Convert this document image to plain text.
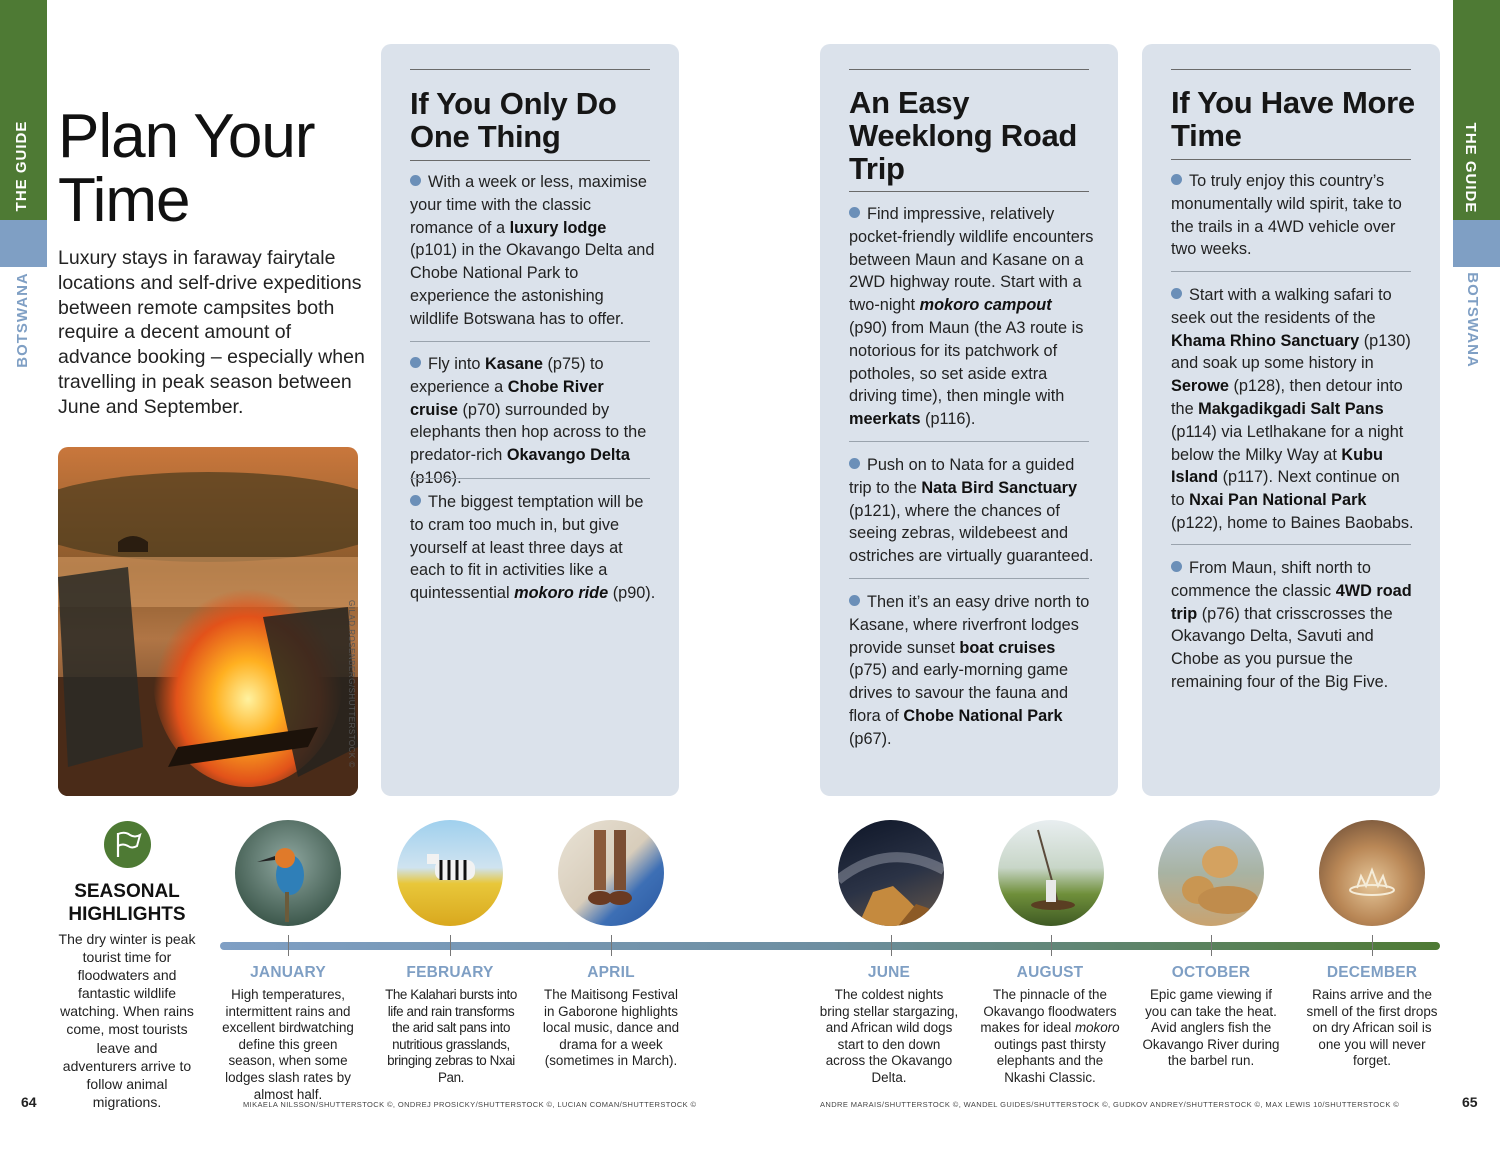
THE GUIDE
BOTSWANA
THE GUIDE
BOTSWANA
Plan Your
Time
Luxury stays in faraway fairytale locations and self-drive expeditions between remote campsites both require a decent amount of advance booking – especially when travelling in peak season between June and September.
GILAD ROSENBERG/SHUTTERSTOCK ©
If You Only Do One Thing
With a week or less, maximise your time with the classic romance of a luxury lodge (p101) in the Okavango Delta and Chobe National Park to experience the astonishing wildlife Botswana has to offer.
Fly into Kasane (p75) to experience a Chobe River cruise (p70) surrounded by elephants then hop across to the predator-rich Okavango Delta (p106).
The biggest temptation will be to cram too much in, but give yourself at least three days at each to fit in activities like a quintessential mokoro ride (p90).
An Easy Weeklong Road Trip
Find impressive, relatively pocket-friendly wildlife encounters between Maun and Kasane on a 2WD highway route. Start with a two-night mokoro campout (p90) from Maun (the A3 route is notorious for its patchwork of potholes, so set aside extra driving time), then mingle with meerkats (p116).
Push on to Nata for a guided trip to the Nata Bird Sanctuary (p121), where the chances of seeing zebras, wildebeest and ostriches are virtually guaranteed.
Then it’s an easy drive north to Kasane, where riverfront lodges provide sunset boat cruises (p75) and early-morning game drives to savour the fauna and flora of Chobe National Park (p67).
If You Have More Time
To truly enjoy this country’s monumentally wild spirit, take to the trails in a 4WD vehicle over two weeks.
Start with a walking safari to seek out the residents of the Khama Rhino Sanctuary (p130) and soak up some history in Serowe (p128), then detour into the Makgadikgadi Salt Pans (p114) via Letlhakane for a night below the Milky Way at Kubu Island (p117). Next continue on to Nxai Pan National Park (p122), home to Baines Baobabs.
From Maun, shift north to commence the classic 4WD road trip (p76) that crisscrosses the Okavango Delta, Savuti and Chobe as you pursue the remaining four of the Big Five.
SEASONAL HIGHLIGHTS
The dry winter is peak tourist time for floodwaters and fantastic wildlife watching. When rains come, most tourists leave and adventurers arrive to follow animal migrations.
JANUARY
High temperatures, intermittent rains and excellent birdwatching define this green season, when some lodges slash rates by almost half.
FEBRUARY
The Kalahari bursts into life and rain transforms the arid salt pans into nutritious grasslands, bringing zebras to Nxai Pan.
APRIL
The Maitisong Festival in Gaborone highlights local music, dance and drama for a week (sometimes in March).
JUNE
The coldest nights bring stellar stargazing, and African wild dogs start to den down across the Okavango Delta.
AUGUST
The pinnacle of the Okavango floodwaters makes for ideal mokoro outings past thirsty elephants and the Nkashi Classic.
OCTOBER
Epic game viewing if you can take the heat. Avid anglers fish the Okavango River during the barbel run.
DECEMBER
Rains arrive and the smell of the first drops on dry African soil is one you will never forget.
64	65
MIKAELA NILSSON/SHUTTERSTOCK ©, ONDREJ PROSICKY/SHUTTERSTOCK ©, LUCIAN COMAN/SHUTTERSTOCK ©	ANDRE MARAIS/SHUTTERSTOCK ©, WANDEL GUIDES/SHUTTERSTOCK ©, GUDKOV ANDREY/SHUTTERSTOCK ©, MAX LEWIS 10/SHUTTERSTOCK ©
